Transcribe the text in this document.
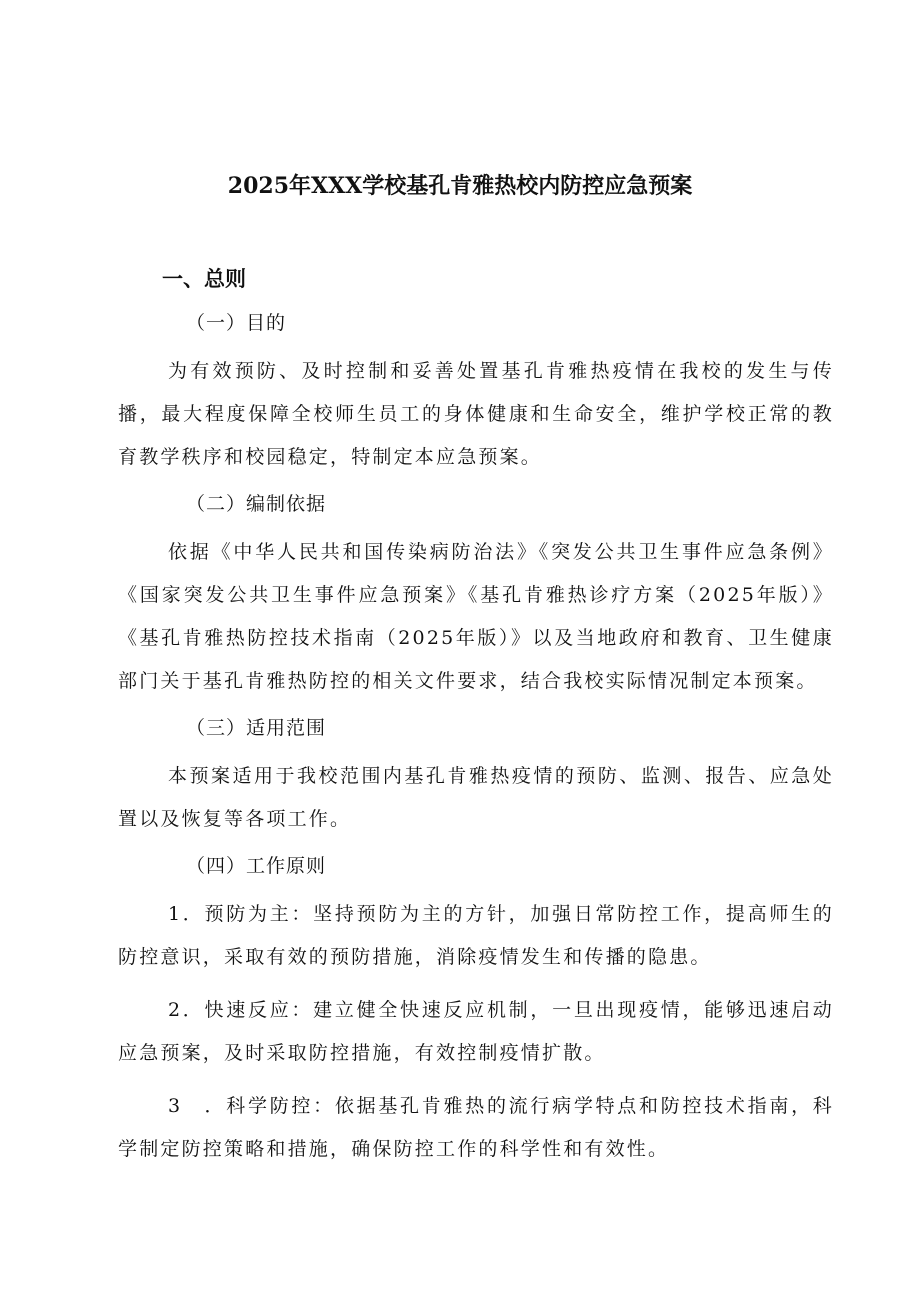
2025年XXX学校基孔肯雅热校内防控应急预案
一、总则
（一）目的
为有效预防、及时控制和妥善处置基孔肯雅热疫情在我校的发生与传播，最大程度保障全校师生员工的身体健康和生命安全，维护学校正常的教育教学秩序和校园稳定，特制定本应急预案。
（二）编制依据
依据《中华人民共和国传染病防治法》《突发公共卫生事件应急条例》《国家突发公共卫生事件应急预案》《基孔肯雅热诊疗方案（2025年版）》《基孔肯雅热防控技术指南（2025年版）》以及当地政府和教育、卫生健康部门关于基孔肯雅热防控的相关文件要求，结合我校实际情况制定本预案。
（三）适用范围
本预案适用于我校范围内基孔肯雅热疫情的预防、监测、报告、应急处置以及恢复等各项工作。
（四）工作原则
1．预防为主：坚持预防为主的方针，加强日常防控工作，提高师生的防控意识，采取有效的预防措施，消除疫情发生和传播的隐患。
2．快速反应：建立健全快速反应机制，一旦出现疫情，能够迅速启动应急预案，及时采取防控措施，有效控制疫情扩散。
3　．科学防控：依据基孔肯雅热的流行病学特点和防控技术指南，科学制定防控策略和措施，确保防控工作的科学性和有效性。
